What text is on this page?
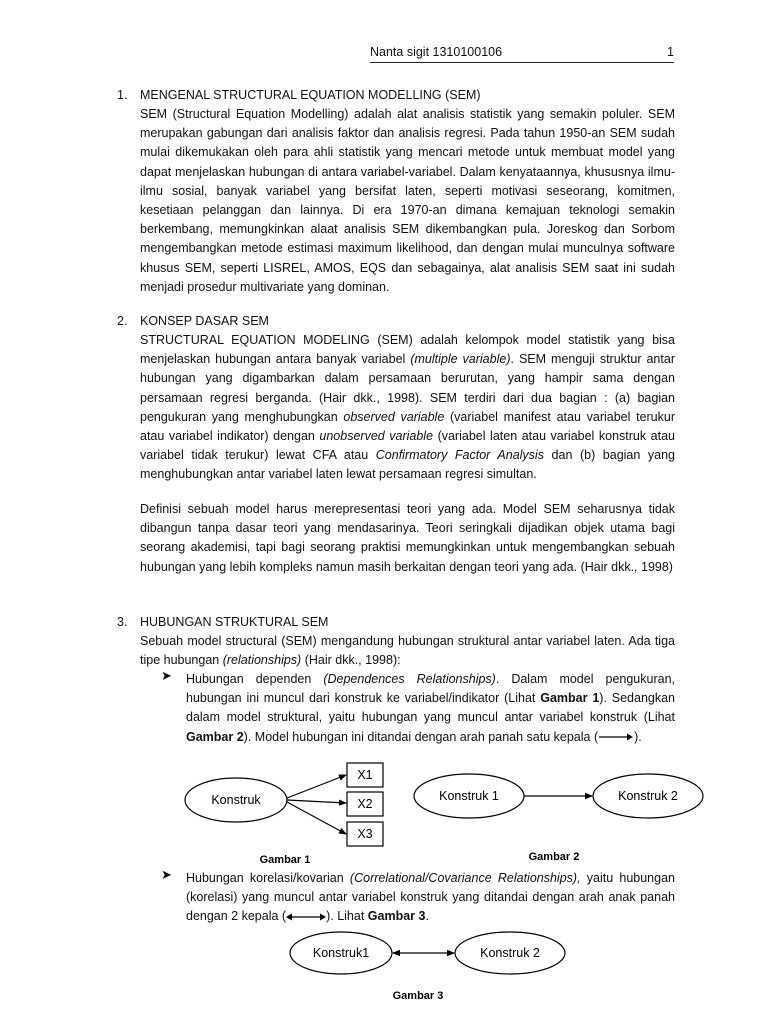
Nanta sigit 1310100106	1
1. MENGENAL STRUCTURAL EQUATION MODELLING (SEM)

SEM (Structural Equation Modelling) adalah alat analisis statistik yang semakin poluler. SEM merupakan gabungan dari analisis faktor dan analisis regresi. Pada tahun 1950-an SEM sudah mulai dikemukakan oleh para ahli statistik yang mencari metode untuk membuat model yang dapat menjelaskan hubungan di antara variabel-variabel. Dalam kenyataannya, khususnya ilmu-ilmu sosial, banyak variabel yang bersifat laten, seperti motivasi seseorang, komitmen, kesetiaan pelanggan dan lainnya. Di era 1970-an dimana kemajuan teknologi semakin berkembang, memungkinkan alaat analisis SEM dikembangkan pula. Joreskog dan Sorbom mengembangkan metode estimasi maximum likelihood, dan dengan mulai munculnya software khusus SEM, seperti LISREL, AMOS, EQS dan sebagainya, alat analisis SEM saat ini sudah menjadi prosedur multivariate yang dominan.

2. KONSEP DASAR SEM

STRUCTURAL EQUATION MODELING (SEM) adalah kelompok model statistik yang bisa menjelaskan hubungan antara banyak variabel (multiple variable). SEM menguji struktur antar hubungan yang digambarkan dalam persamaan berurutan, yang hampir sama dengan persamaan regresi berganda. (Hair dkk., 1998). SEM terdiri dari dua bagian : (a) bagian pengukuran yang menghubungkan observed variable (variabel manifest atau variabel terukur atau variabel indikator) dengan unobserved variable (variabel laten atau variabel konstruk atau variabel tidak terukur) lewat CFA atau Confirmatory Factor Analysis dan (b) bagian yang menghubungkan antar variabel laten lewat persamaan regresi simultan.

Definisi sebuah model harus merepresentasi teori yang ada. Model SEM seharusnya tidak dibangun tanpa dasar teori yang mendasarinya. Teori seringkali dijadikan objek utama bagi seorang akademisi, tapi bagi seorang praktisi memungkinkan untuk mengembangkan sebuah hubungan yang lebih kompleks namun masih berkaitan dengan teori yang ada. (Hair dkk., 1998)

3. HUBUNGAN STRUKTURAL SEM

Sebuah model structural (SEM) mengandung hubungan struktural antar variabel laten. Ada tiga tipe hubungan (relationships) (Hair dkk., 1998):

➤ Hubungan dependen (Dependences Relationships). Dalam model pengukuran, hubungan ini muncul dari konstruk ke variabel/indikator (Lihat Gambar 1). Sedangkan dalam model struktural, yaitu hubungan yang muncul antar variabel konstruk (Lihat Gambar 2). Model hubungan ini ditandai dengan arah panah satu kepala (	).

Konstruk
X1
X2
X3
Gambar 1
Konstruk 1	Konstruk 2
Gambar 2
Konstruk1	Konstruk 2
Gambar 3
➤ Hubungan korelasi/kovarian (Correlational/Covariance Relationships), yaitu hubungan (korelasi) yang muncul antar variabel konstruk yang ditandai dengan arah anak panah dengan 2 kepala (	). Lihat Gambar 3.
